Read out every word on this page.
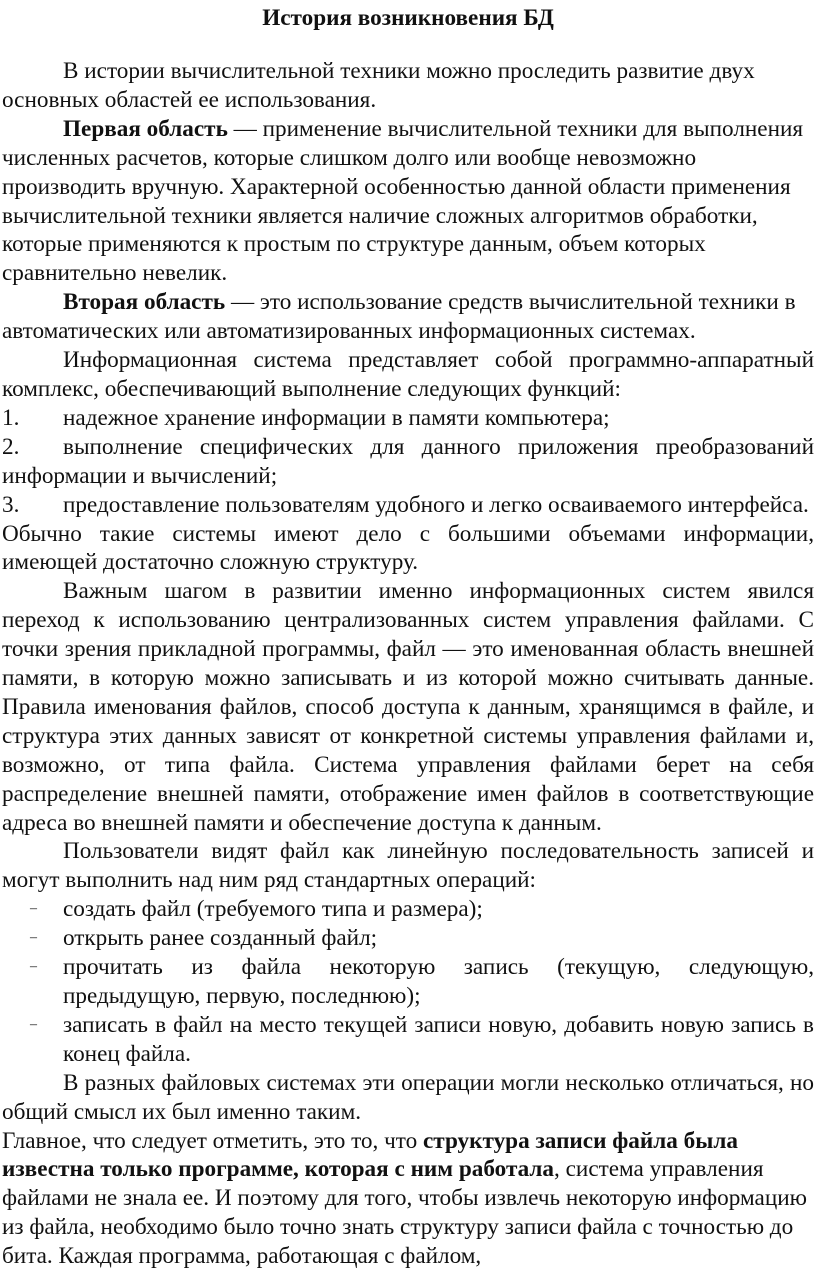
История возникновения БД

В истории вычислительной техники можно проследить развитие двух основных областей ее использования.

Первая область — применение вычислительной техники для выполнения численных расчетов, которые слишком долго или вообще невозможно производить вручную. Характерной особенностью данной области применения вычислительной техники является наличие сложных алгоритмов обработки, которые применяются к простым по структуре данным, объем которых сравнительно невелик.

Вторая область — это использование средств вычислительной техники в автоматических или автоматизированных информационных системах.

Информационная система представляет собой программно-аппаратный комплекс, обеспечивающий выполнение следующих функций:

1. надежное хранение информации в памяти компьютера;

2. выполнение специфических для данного приложения преобразований информации и вычислений;

3. предоставление пользователям удобного и легко осваиваемого интерфейса.

Обычно такие системы имеют дело с большими объемами информации, имеющей достаточно сложную структуру.

Важным шагом в развитии именно информационных систем явился переход к использованию централизованных систем управления файлами. С точки зрения прикладной программы, файл — это именованная область внешней памяти, в которую можно записывать и из которой можно считывать данные. Правила именования файлов, способ доступа к данным, хранящимся в файле, и структура этих данных зависят от конкретной системы управления файлами и, возможно, от типа файла. Система управления файлами берет на себя распределение внешней памяти, отображение имен файлов в соответствующие адреса во внешней памяти и обеспечение доступа к данным.

Пользователи видят файл как линейную последовательность записей и могут выполнить над ним ряд стандартных операций:

– создать файл (требуемого типа и размера);

– открыть ранее созданный файл;

– прочитать из файла некоторую запись (текущую, следующую, предыдущую, первую, последнюю);

– записать в файл на место текущей записи новую, добавить новую запись в конец файла.

В разных файловых системах эти операции могли несколько отличаться, но общий смысл их был именно таким.

Главное, что следует отметить, это то, что структура записи файла была известна только программе, которая с ним работала, система управления файлами не знала ее. И поэтому для того, чтобы извлечь некоторую информацию из файла, необходимо было точно знать структуру записи файла с точностью до бита. Каждая программа, работающая с файлом,
